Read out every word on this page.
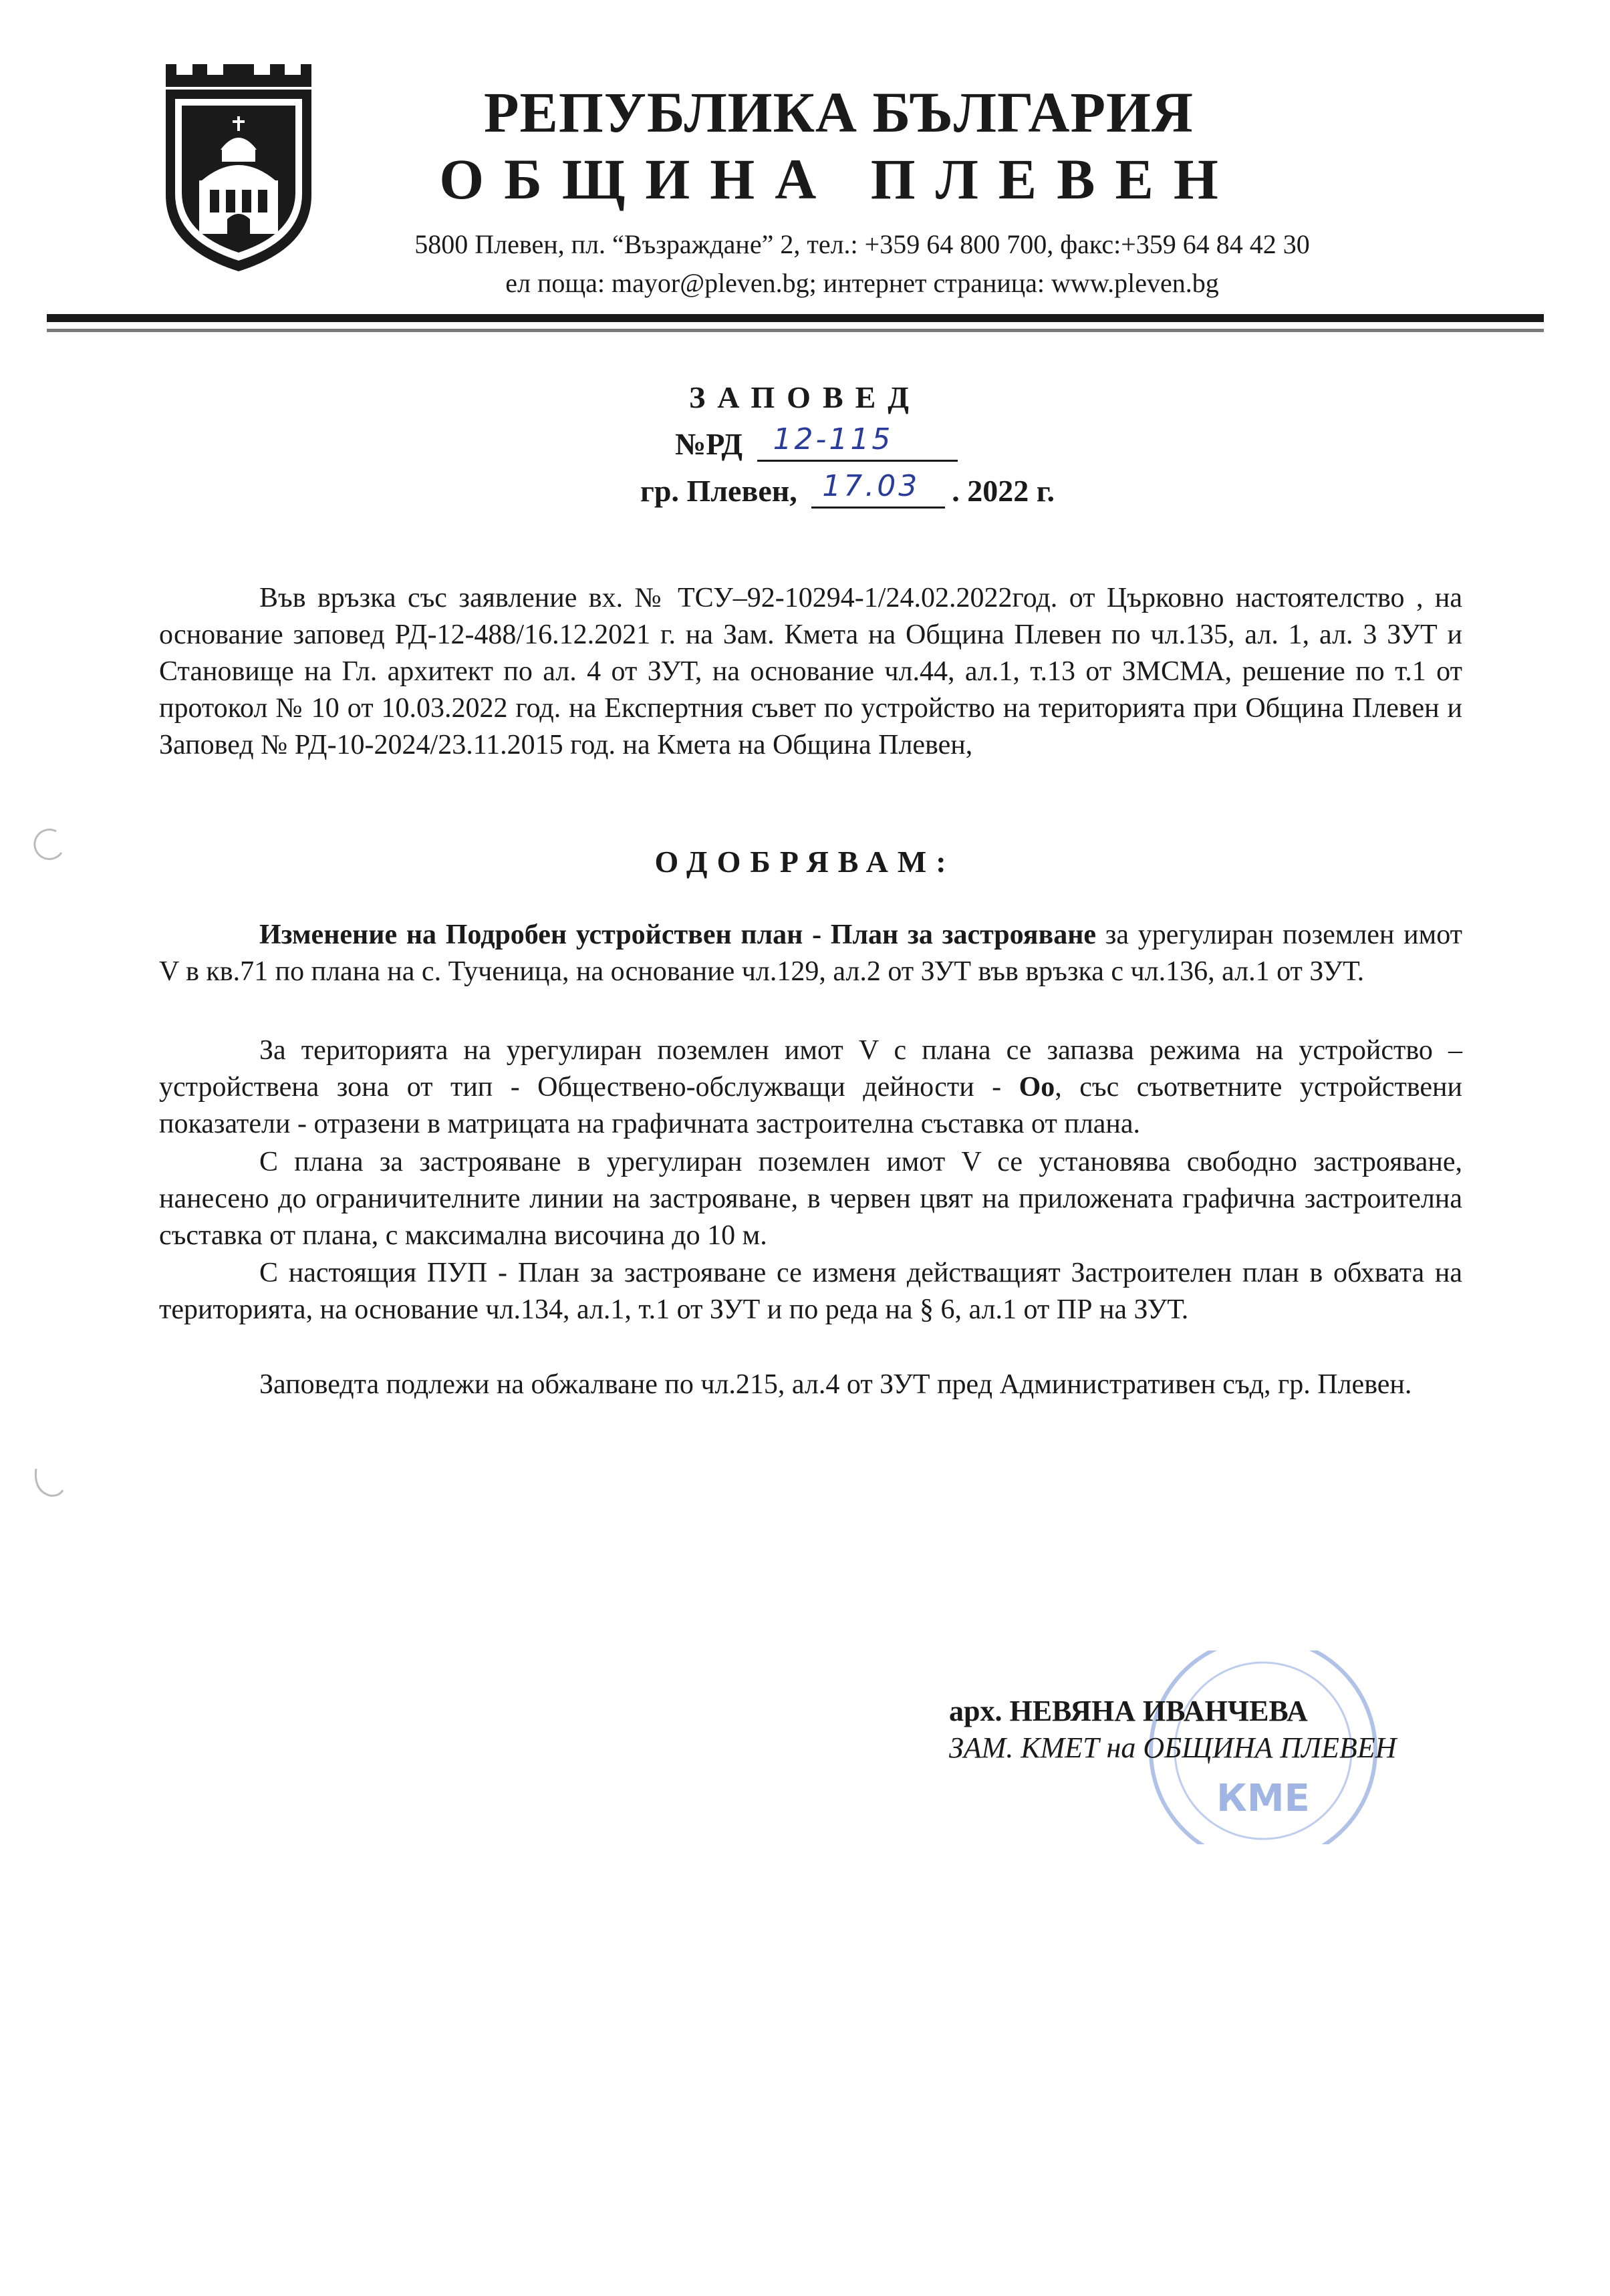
РЕПУБЛИКА БЪЛГАРИЯ
ОБЩИНА ПЛЕВЕН
5800 Плевен, пл. “Възраждане” 2, тел.: +359 64 800 700, факс:+359 64 84 42 30
ел поща: mayor@pleven.bg; интернет страница: www.pleven.bg
ЗАПОВЕД
№РД 12-115
гр. Плевен, 17.03 . 2022 г.
Във връзка със заявление вх. № ТСУ–92-10294-1/24.02.2022год. от Църковно настоятелство , на основание заповед РД-12-488/16.12.2021 г. на Зам. Кмета на Община Плевен по чл.135, ал. 1, ал. 3 ЗУТ и Становище на Гл. архитект по ал. 4 от ЗУТ, на основание чл.44, ал.1, т.13 от ЗМСМА, решение по т.1 от протокол № 10 от 10.03.2022 год. на Експертния съвет по устройство на територията при Община Плевен и Заповед № РД-10-2024/23.11.2015 год. на Кмета на Община Плевен,
ОДОБРЯВАМ:
Изменение на Подробен устройствен план - План за застрояване за урегулиран поземлен имот V в кв.71 по плана на с. Тученица, на основание чл.129, ал.2 от ЗУТ във връзка с чл.136, ал.1 от ЗУТ.
За територията на урегулиран поземлен имот V с плана се запазва режима на устройство – устройствена зона от тип - Обществено-обслужващи дейности - Оо, със съответните устройствени показатели - отразени в матрицата на графичната застроителна съставка от плана.
С плана за застрояване в урегулиран поземлен имот V се установява свободно застрояване, нанесено до ограничителните линии на застрояване, в червен цвят на приложената графична застроителна съставка от плана, с максимална височина до 10 м.
С настоящия ПУП - План за застрояване се изменя действащият Застроителен план в обхвата на територията, на основание чл.134, ал.1, т.1 от ЗУТ и по реда на § 6, ал.1 от ПР на ЗУТ.
Заповедта подлежи на обжалване по чл.215, ал.4 от ЗУТ пред Административен съд, гр. Плевен.
КМЕ
арх. НЕВЯНА ИВАНЧЕВА
ЗАМ. КМЕТ на ОБЩИНА ПЛЕВЕН
